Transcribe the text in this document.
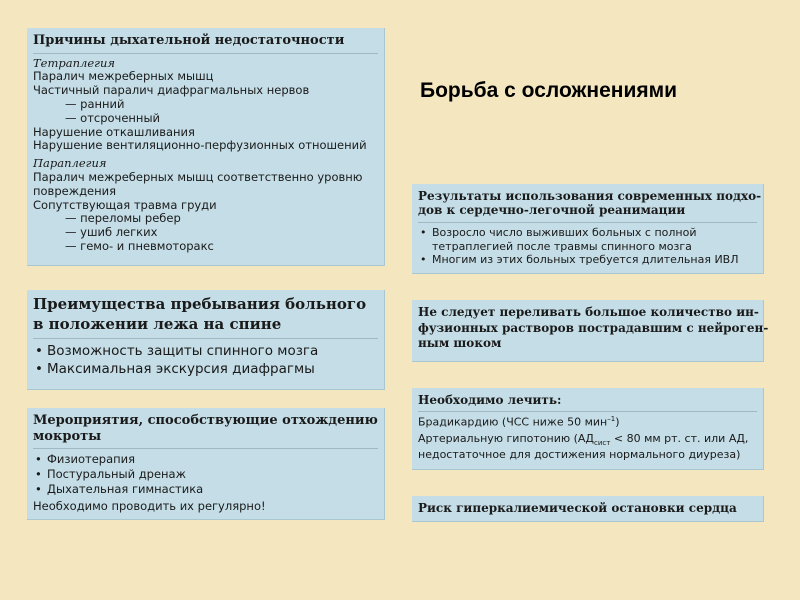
Причины дыхательной недостаточности
Тетраплегия
Паралич межреберных мышц
Частичный паралич диафрагмальных нервов
— ранний
— отсроченный
Нарушение откашливания
Нарушение вентиляционно-перфузионных отношений
Параплегия
Паралич межреберных мышц соответственно уровню
повреждения
Сопутствующая травма груди
— переломы ребер
— ушиб легких
— гемо- и пневмоторакс
Преимущества пребывания больного
в положении лежа на спине
• Возможность защиты спинного мозга
• Максимальная экскурсия диафрагмы
Мероприятия, способствующие отхождению
мокроты
• Физиотерапия
• Постуральный дренаж
• Дыхательная гимнастика
Необходимо проводить их регулярно!
Борьба с осложнениями
Результаты использования современных подхо-
дов к сердечно-легочной реанимации
• Возросло число выживших больных с полной
тетраплегией после травмы спинного мозга
• Многим из этих больных требуется длительная ИВЛ
Не следует переливать большое количество ин-
фузионных растворов пострадавшим с нейроген-
ным шоком
Необходимо лечить:
Брадикардию (ЧСС ниже 50 мин$^{-1}$)
Артериальную гипотонию ($АД_{сист} < 80$ мм рт. ст. или АД,
недостаточное для достижения нормального диуреза)
Риск гиперкалиемической остановки сердца
